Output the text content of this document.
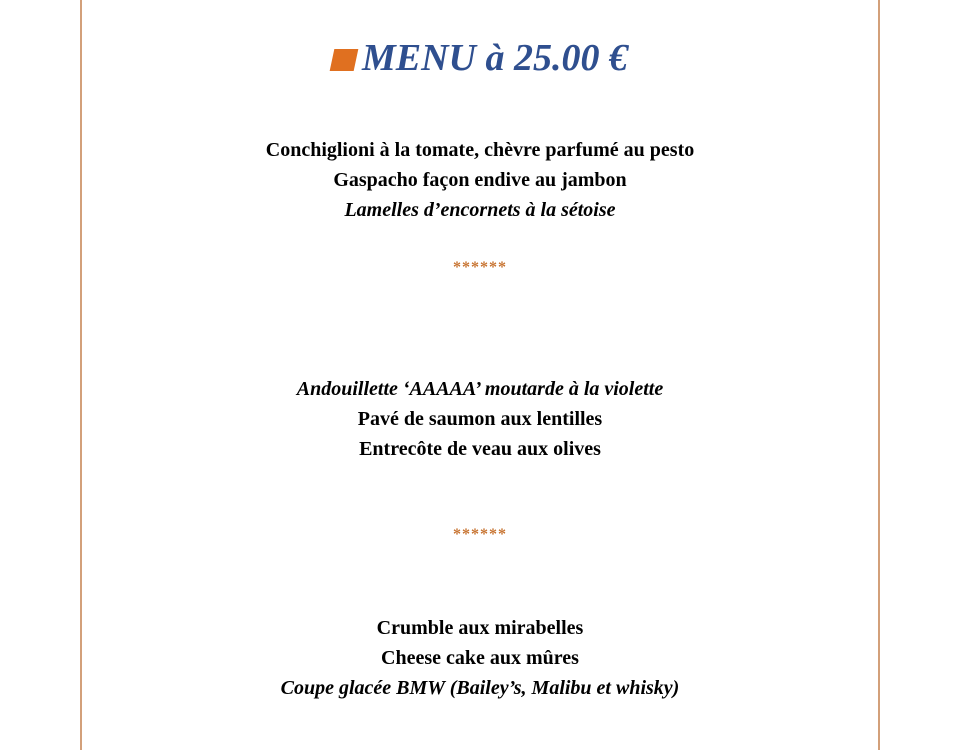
MENU à 25.00 €

Conchiglioni à la tomate, chèvre parfumé au pesto

Gaspacho façon endive au jambon

Lamelles d’encornets à la sétoise

******

Andouillette ‘AAAAA’ moutarde à la violette

Pavé de saumon aux lentilles

Entrecôte de veau aux olives

******

Crumble aux mirabelles

Cheese cake aux mûres

Coupe glacée BMW (Bailey’s, Malibu et whisky)
